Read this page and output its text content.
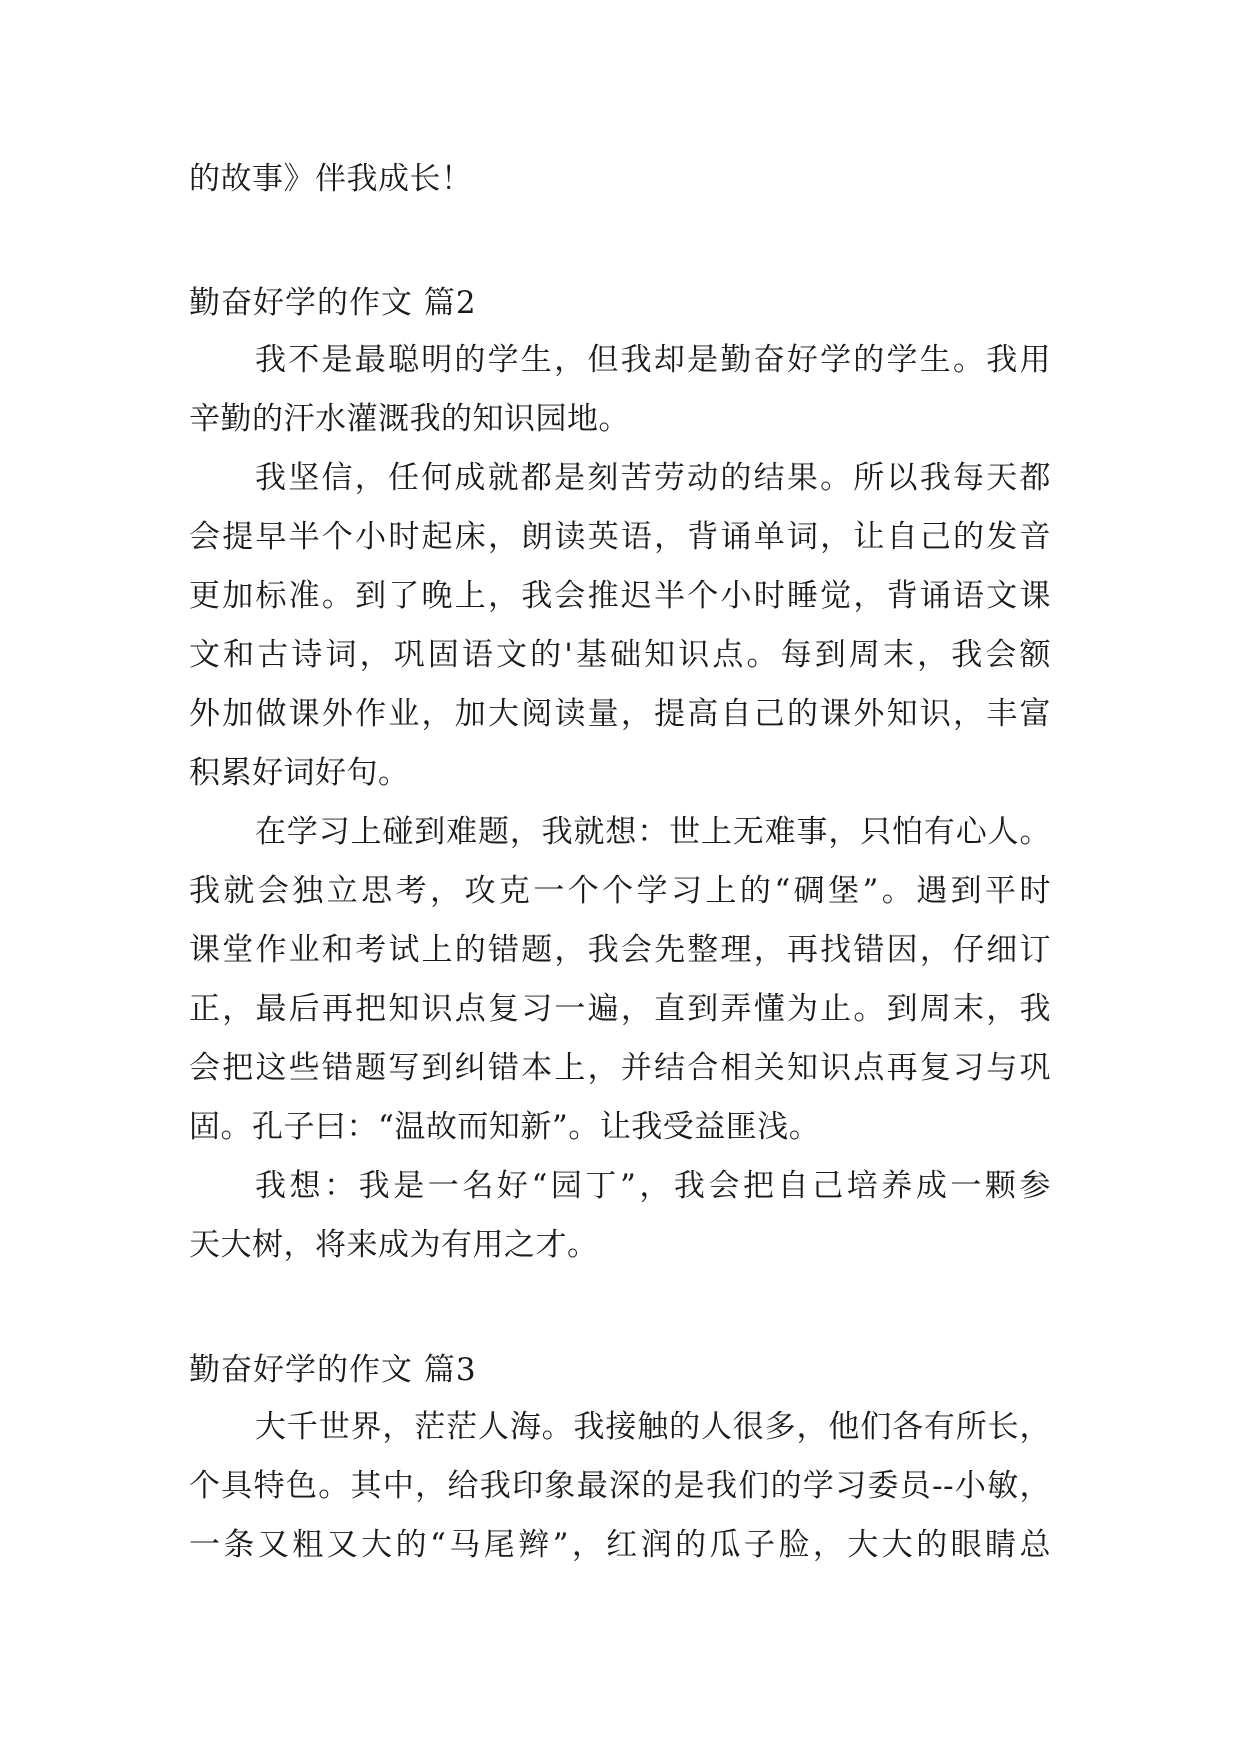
的故事》伴我成长！
勤奋好学的作文 篇2
我不是最聪明的学生，但我却是勤奋好学的学生。我用
辛勤的汗水灌溉我的知识园地。
我坚信，任何成就都是刻苦劳动的结果。所以我每天都
会提早半个小时起床，朗读英语，背诵单词，让自己的发音
更加标准。到了晚上，我会推迟半个小时睡觉，背诵语文课
文和古诗词，巩固语文的'基础知识点。每到周末，我会额
外加做课外作业，加大阅读量，提高自己的课外知识，丰富
积累好词好句。
在学习上碰到难题，我就想：世上无难事，只怕有心人。
我就会独立思考，攻克一个个学习上的“碉堡”。遇到平时
课堂作业和考试上的错题，我会先整理，再找错因，仔细订
正，最后再把知识点复习一遍，直到弄懂为止。到周末，我
会把这些错题写到纠错本上，并结合相关知识点再复习与巩
固。孔子曰：“温故而知新”。让我受益匪浅。
我想：我是一名好“园丁”，我会把自己培养成一颗参
天大树，将来成为有用之才。
勤奋好学的作文 篇3
大千世界，茫茫人海。我接触的人很多，他们各有所长，
个具特色。其中，给我印象最深的是我们的学习委员--小敏，
一条又粗又大的“马尾辫”，红润的瓜子脸，大大的眼睛总
